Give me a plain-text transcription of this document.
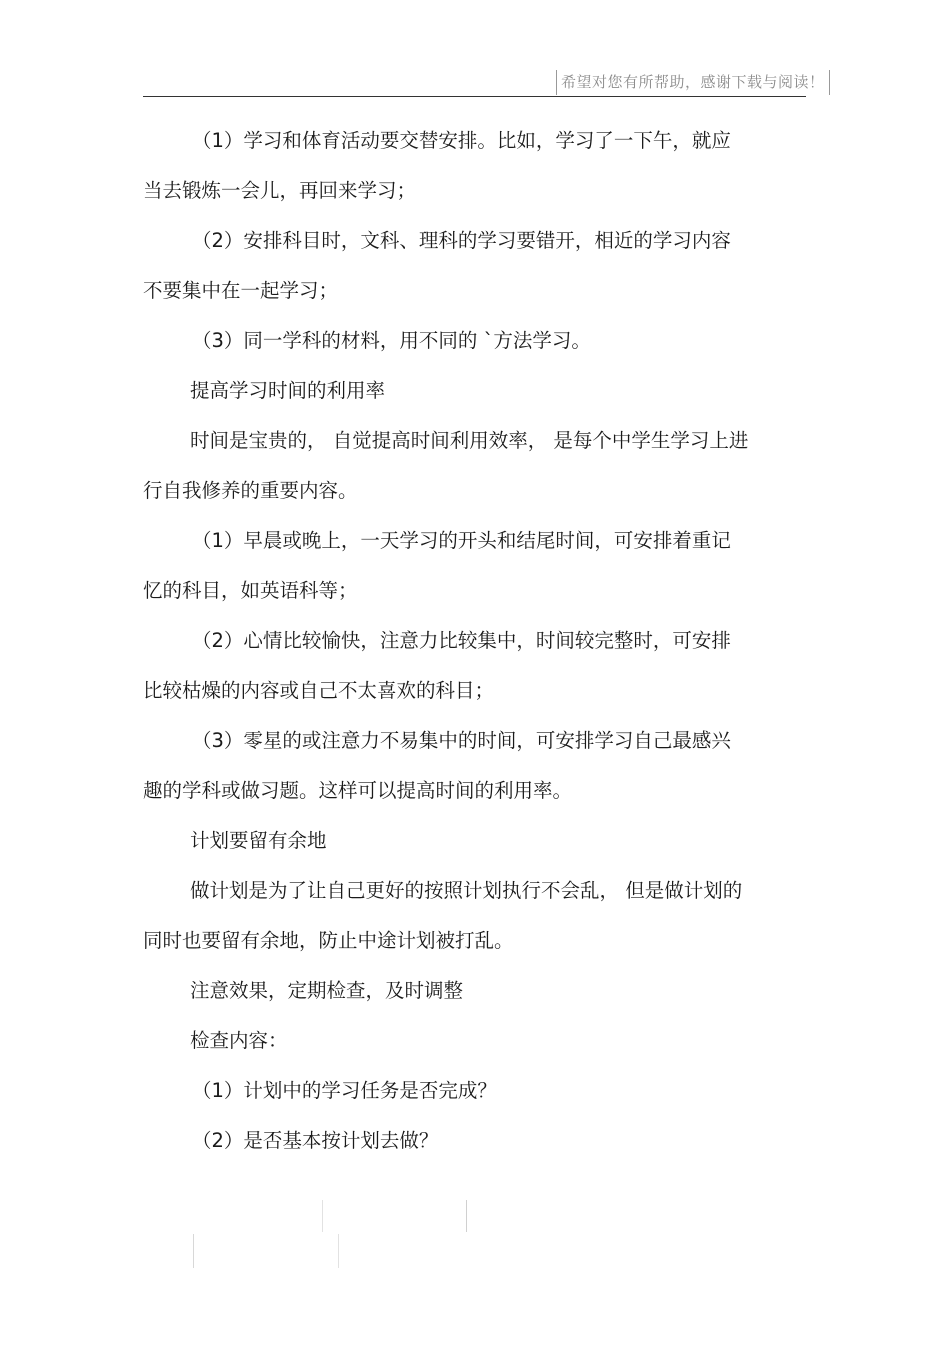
希望对您有所帮助，感谢下载与阅读！
（1）学习和体育活动要交替安排。比如，学习了一下午，就应
当去锻炼一会儿，再回来学习；
（2）安排科目时，文科、理科的学习要错开，相近的学习内容
不要集中在一起学习；
（3）同一学科的材料，用不同的 `方法学习。
提高学习时间的利用率
时间是宝贵的， 自觉提高时间利用效率， 是每个中学生学习上进
行自我修养的重要内容。
（1）早晨或晚上，一天学习的开头和结尾时间，可安排着重记
忆的科目，如英语科等；
（2）心情比较愉快，注意力比较集中，时间较完整时，可安排
比较枯燥的内容或自己不太喜欢的科目；
（3）零星的或注意力不易集中的时间，可安排学习自己最感兴
趣的学科或做习题。这样可以提高时间的利用率。
计划要留有余地
做计划是为了让自己更好的按照计划执行不会乱， 但是做计划的
同时也要留有余地，防止中途计划被打乱。
注意效果，定期检查，及时调整
检查内容：
（1）计划中的学习任务是否完成？
（2）是否基本按计划去做？
